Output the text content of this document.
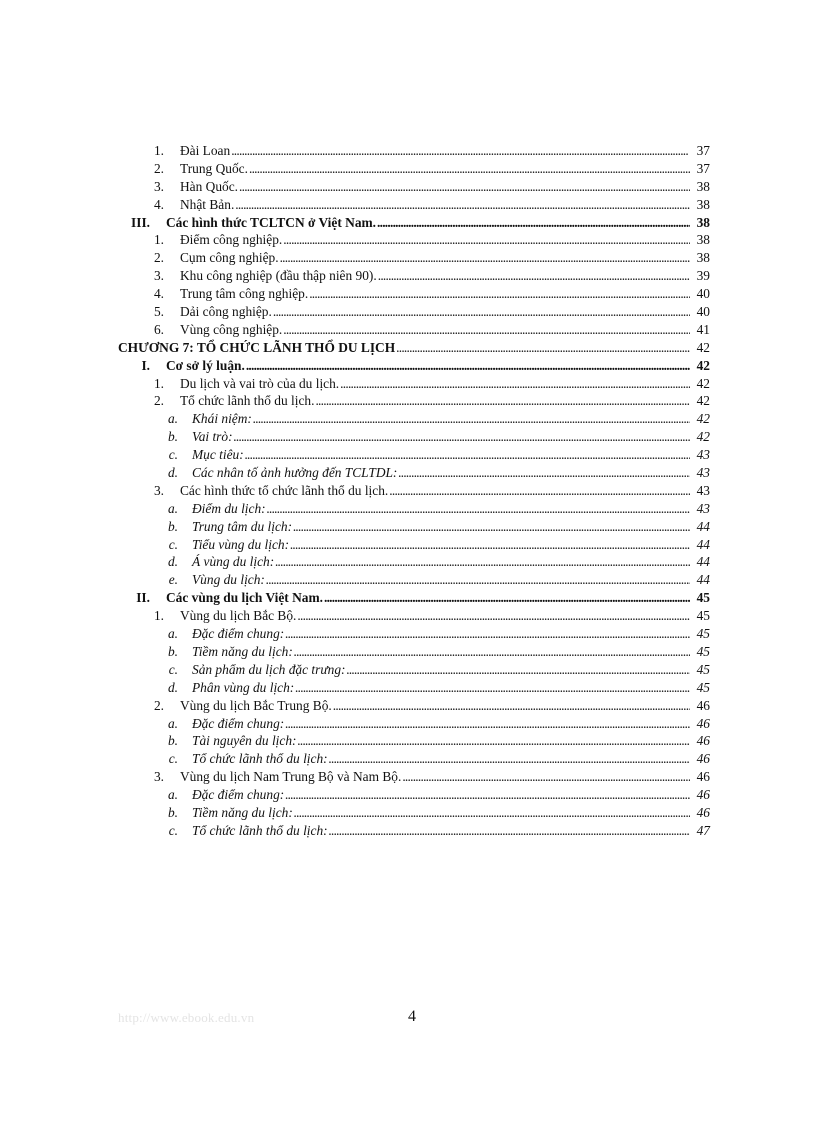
1.	Đài Loan . . .	37
2.	Trung Quốc. . . .	37
3.	Hàn Quốc. . . .	38
4.	Nhật Bản. . . .	38
III.	Các hình thức TCLTCN ở Việt Nam. . . .	38
1.	Điểm công nghiệp. . . .	38
2.	Cụm công nghiệp. . . .	38
3.	Khu công nghiệp (đầu thập niên 90). . . .	39
4.	Trung tâm công nghiệp. . . .	40
5.	Dải công nghiệp. . . .	40
6.	Vùng công nghiệp. . . .	41
CHƯƠNG 7: TỔ CHỨC LÃNH THỔ DU LỊCH . . .	42
I.	Cơ sở lý luận. . . .	42
1.	Du lịch và vai trò của du lịch. . . .	42
2.	Tổ chức lãnh thổ du lịch. . . .	42
a.	Khái niệm: . . .	42
b.	Vai trò: . . .	42
c.	Mục tiêu: . . .	43
d.	Các nhân tố ảnh hưởng đến TCLTDL: . . .	43
3.	Các hình thức tổ chức lãnh thổ du lịch. . . .	43
a.	Điểm du lịch: . . .	43
b.	Trung tâm du lịch: . . .	44
c.	Tiểu vùng du lịch: . . .	44
d.	Á vùng du lịch: . . .	44
e.	Vùng du lịch: . . .	44
II.	Các vùng du lịch Việt Nam. . . .	45
1.	Vùng du lịch Bắc Bộ. . . .	45
a.	Đặc điểm chung: . . .	45
b.	Tiềm năng du lịch: . . .	45
c.	Sản phẩm du lịch đặc trưng: . . .	45
d.	Phân vùng du lịch: . . .	45
2.	Vùng du lịch Bắc Trung Bộ. . . .	46
a.	Đặc điểm chung: . . .	46
b.	Tài nguyên du lịch: . . .	46
c.	Tổ chức lãnh thổ du lịch: . . .	46
3.	Vùng du lịch Nam Trung Bộ và Nam Bộ. . . .	46
a.	Đặc điểm chung: . . .	46
b.	Tiềm năng du lịch: . . .	46
c.	Tổ chức lãnh thổ du lịch: . . .	47
http://www.ebook.edu.vn	4
